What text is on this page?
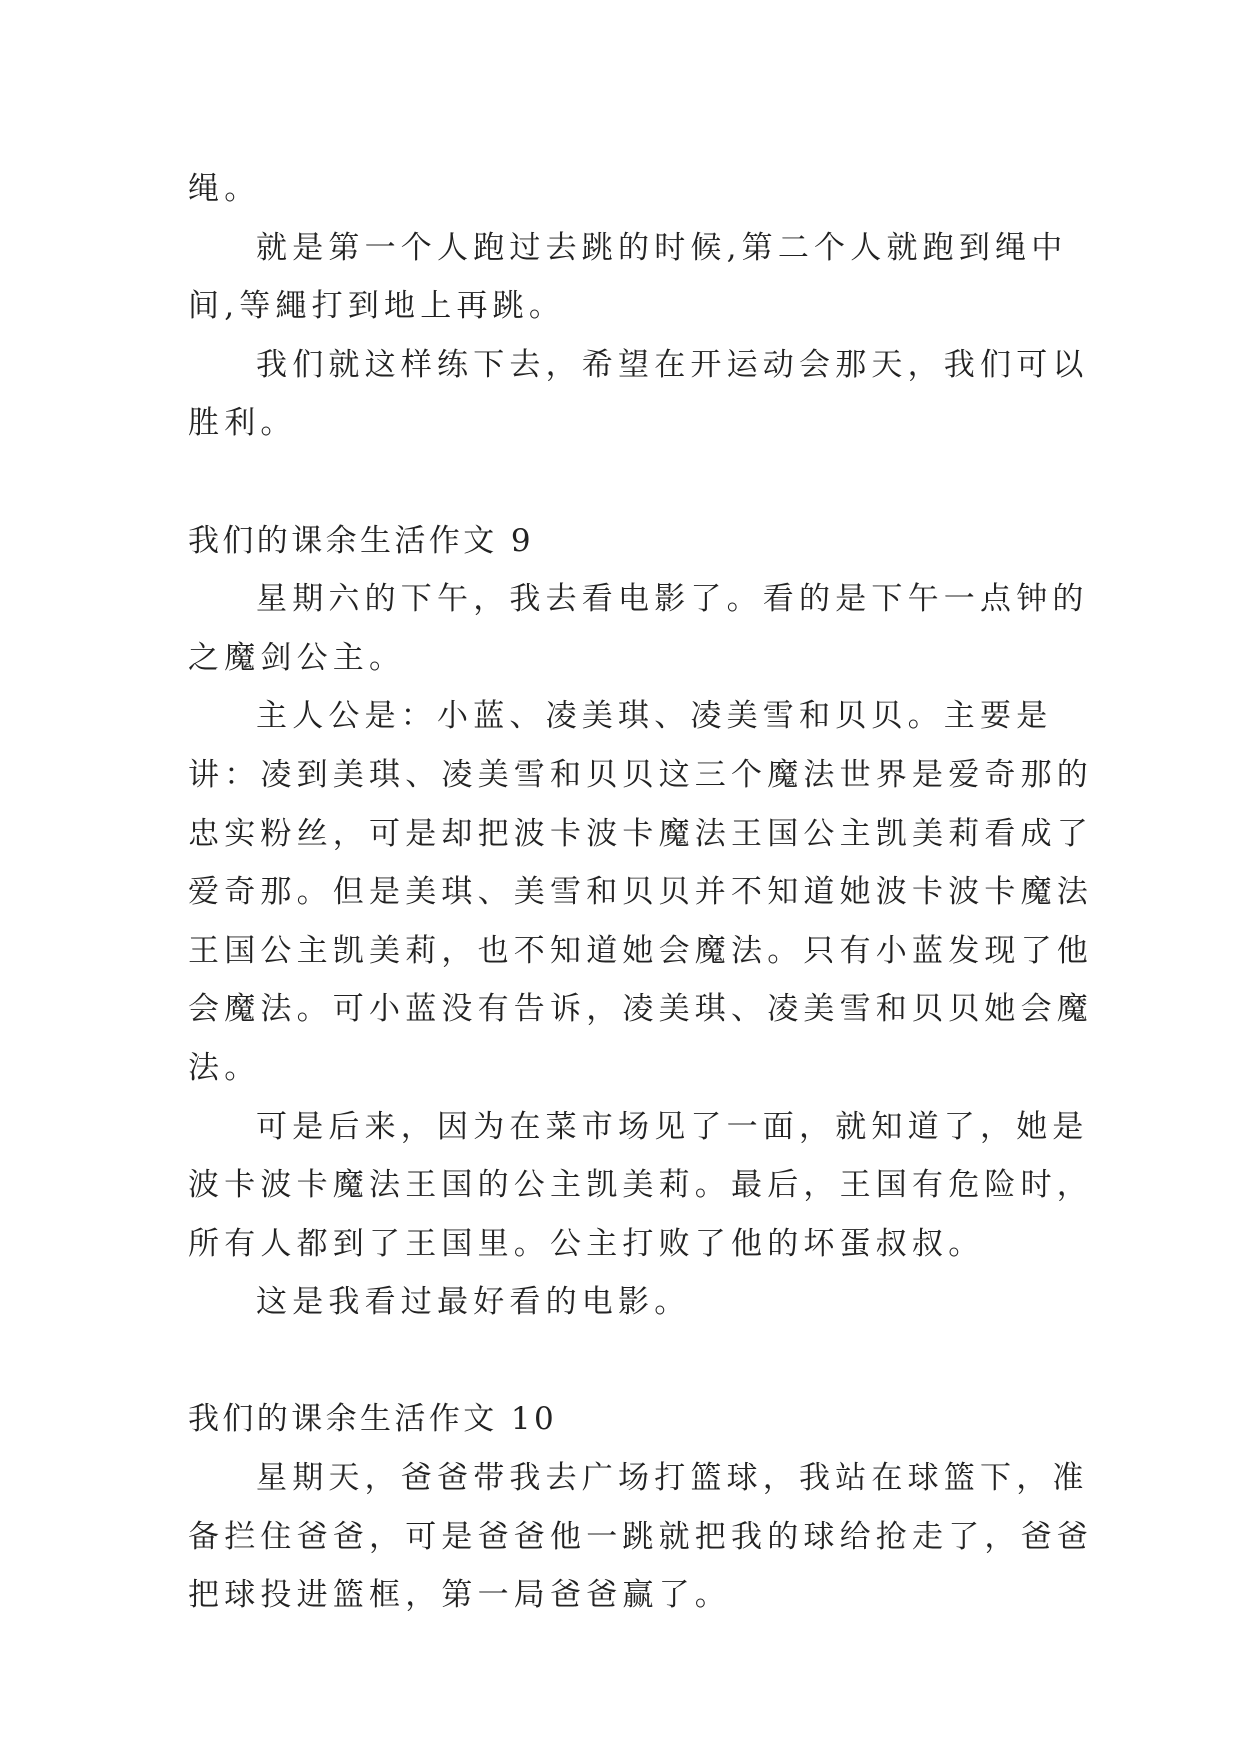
绳。

就是第一个人跑过去跳的时候,第二个人就跑到绳中间,等繩打到地上再跳。

我们就这样练下去，希望在开运动会那天，我们可以胜利。

我们的课余生活作文 9

星期六的下午，我去看电影了。看的是下午一点钟的之魔剑公主。

主人公是：小蓝、凌美琪、凌美雪和贝贝。主要是讲：凌到美琪、凌美雪和贝贝这三个魔法世界是爱奇那的忠实粉丝，可是却把波卡波卡魔法王国公主凯美莉看成了爱奇那。但是美琪、美雪和贝贝并不知道她波卡波卡魔法王国公主凯美莉，也不知道她会魔法。只有小蓝发现了他会魔法。可小蓝没有告诉，凌美琪、凌美雪和贝贝她会魔法。

可是后来，因为在菜市场见了一面，就知道了，她是波卡波卡魔法王国的公主凯美莉。最后，王国有危险时，所有人都到了王国里。公主打败了他的坏蛋叔叔。

这是我看过最好看的电影。

我们的课余生活作文 10

星期天，爸爸带我去广场打篮球，我站在球篮下，准备拦住爸爸，可是爸爸他一跳就把我的球给抢走了，爸爸把球投进篮框，第一局爸爸赢了。
